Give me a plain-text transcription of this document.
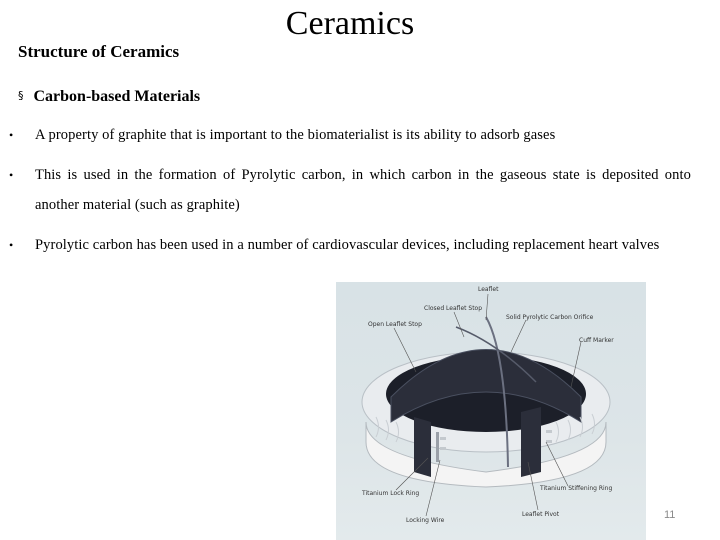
Ceramics
Structure of Ceramics
§ Carbon-based Materials
• A property of graphite that is important to the biomaterialist is its ability to adsorb gases
• This is used in the formation of Pyrolytic carbon, in which carbon in the gaseous state is deposited onto another material (such as graphite)
• Pyrolytic carbon has been used in a number of cardiovascular devices, including replacement heart valves
Leaflet
Closed Leaflet Stop
Solid Pyrolytic Carbon Orifice
Open Leaflet Stop
Cuff Marker
Titanium Lock Ring
Titanium Stiffening Ring
Locking Wire
Leaflet Pivot	11
